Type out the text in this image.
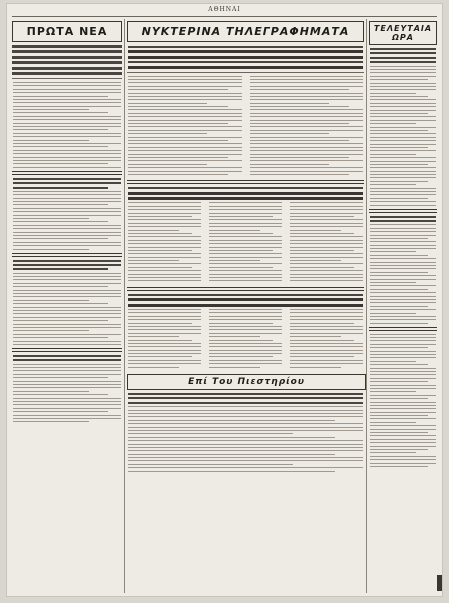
ΑΘΗΝΑΙ
ΠΡΩΤΑ ΝΕΑ	ΝΥΚΤΕΡΙΝΑ ΤΗΛΕΓΡΑΦΗΜΑΤΑ
Επί Του Πιεστηρίου
ΤΕΛΕΥΤΑΙΑ ΩΡΑ
